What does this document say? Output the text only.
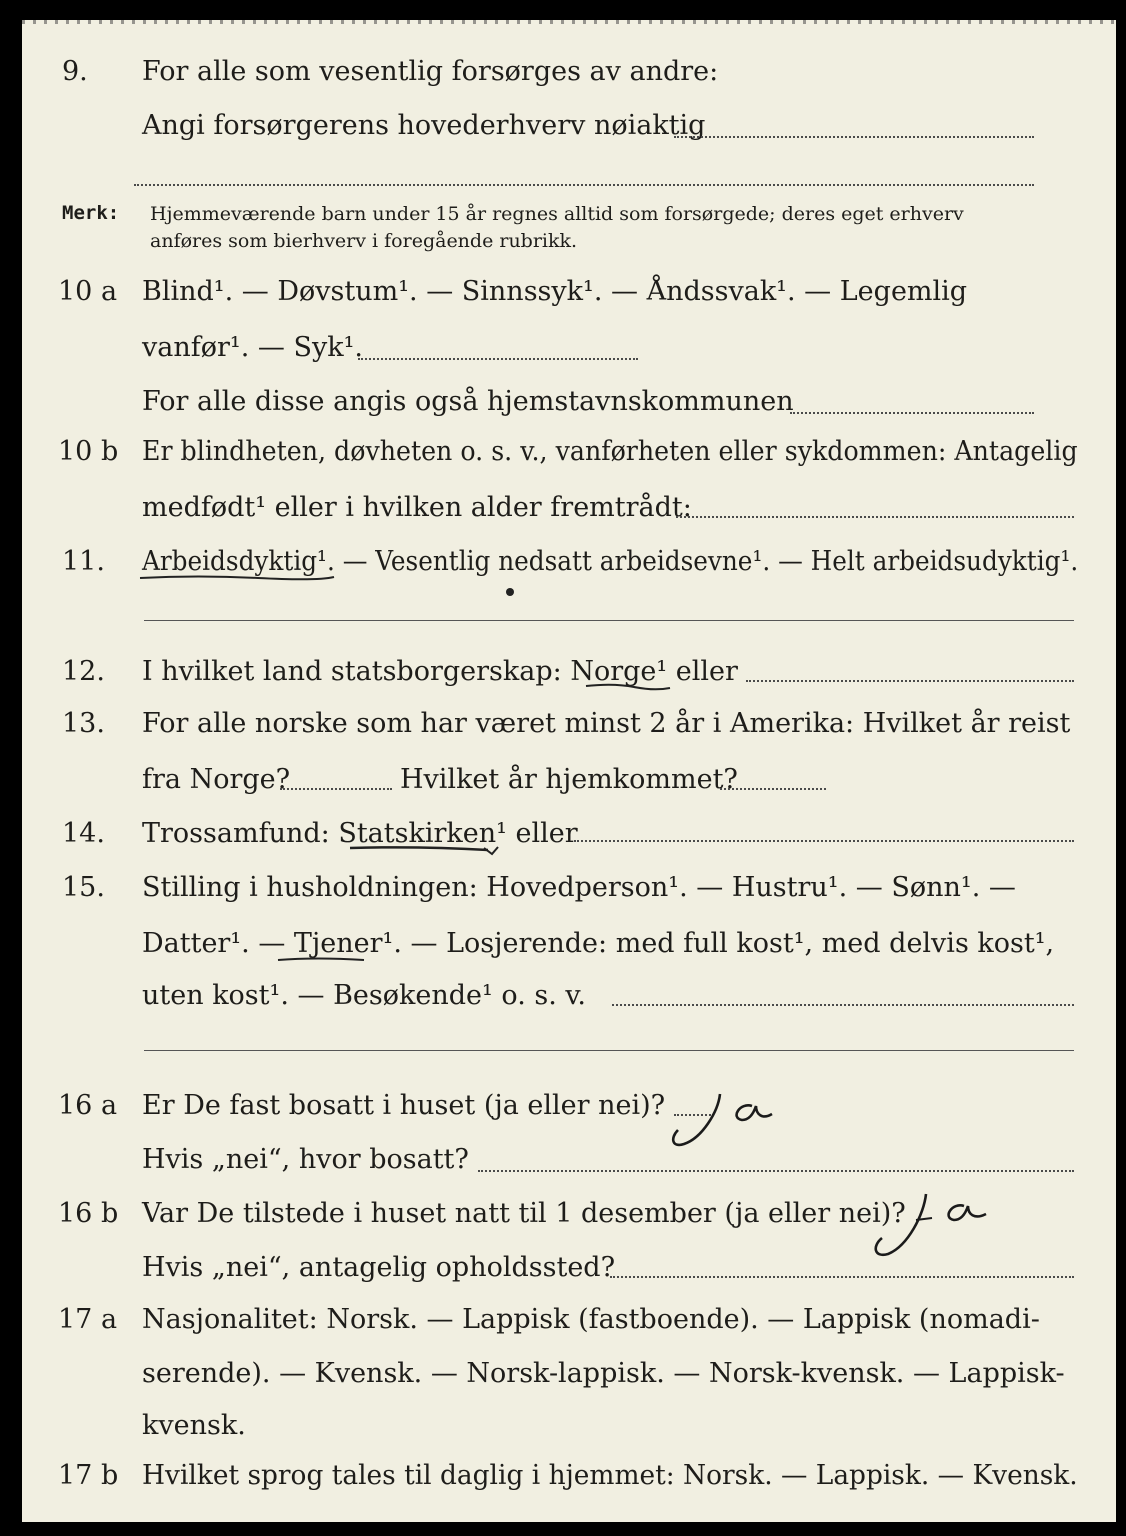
9. For alle som vesentlig forsørges av andre:
Angi forsørgerens hovederhverv nøiaktig
Merk: Hjemmeværende barn under 15 år regnes alltid som forsørgede; deres eget erhverv
anføres som bierhverv i foregående rubrikk.
10 a Blind¹. — Døvstum¹. — Sinnssyk¹. — Åndssvak¹. — Legemlig
vanfør¹. — Syk¹.
For alle disse angis også hjemstavnskommunen
10 b Er blindheten, døvheten o. s. v., vanførheten eller sykdommen: Antagelig
medfødt¹ eller i hvilken alder fremtrådt:
11. Arbeidsdyktig¹. — Vesentlig nedsatt arbeidsevne¹. — Helt arbeidsudyktig¹.
12. I hvilket land statsborgerskap: Norge¹ eller
13. For alle norske som har været minst 2 år i Amerika: Hvilket år reist
fra Norge?	Hvilket år hjemkommet?
14. Trossamfund: Statskirken¹ eller
15. Stilling i husholdningen: Hovedperson¹. — Hustru¹. — Sønn¹. —
Datter¹. — Tjener¹. — Losjerende: med full kost¹, med delvis kost¹,
uten kost¹. — Besøkende¹ o. s. v.
16 a Er De fast bosatt i huset (ja eller nei)?
Hvis „nei“, hvor bosatt?
16 b Var De tilstede i huset natt til 1 desember (ja eller nei)?
Hvis „nei“, antagelig opholdssted?
17 a Nasjonalitet: Norsk. — Lappisk (fastboende). — Lappisk (nomadi-
serende). — Kvensk. — Norsk-lappisk. — Norsk-kvensk. — Lappisk-
kvensk.
17 b Hvilket sprog tales til daglig i hjemmet: Norsk. — Lappisk. — Kvensk.
